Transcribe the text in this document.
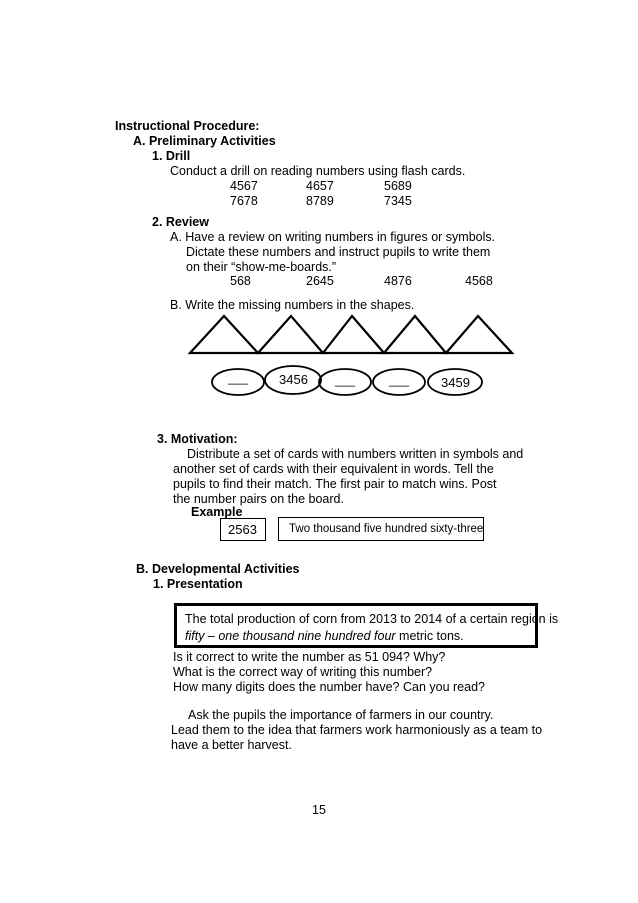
Instructional Procedure:
A. Preliminary Activities
1. Drill
Conduct a drill on reading numbers using flash cards.
4567	4657	5689
7678	8789	7345
2. Review
A. Have a review on writing numbers in figures or symbols.
Dictate these numbers and instruct pupils to write them
on their “show-me-boards.”
568	2645	4876	4568
B. Write the missing numbers in the shapes.
___ 3456 ___	___ 3459
3. Motivation:
Distribute a set of cards with numbers written in symbols and
another set of cards with their equivalent in words. Tell the
pupils to find their match. The first pair to match wins. Post
the number pairs on the board.
Example
2563	Two thousand five hundred sixty-three
B. Developmental Activities
1. Presentation
The total production of corn from 2013 to 2014 of a certain region is
fifty – one thousand nine hundred four metric tons.
Is it correct to write the number as 51 094? Why?
What is the correct way of writing this number?
How many digits does the number have? Can you read?
Ask the pupils the importance of farmers in our country.
Lead them to the idea that farmers work harmoniously as a team to
have a better harvest.
15
